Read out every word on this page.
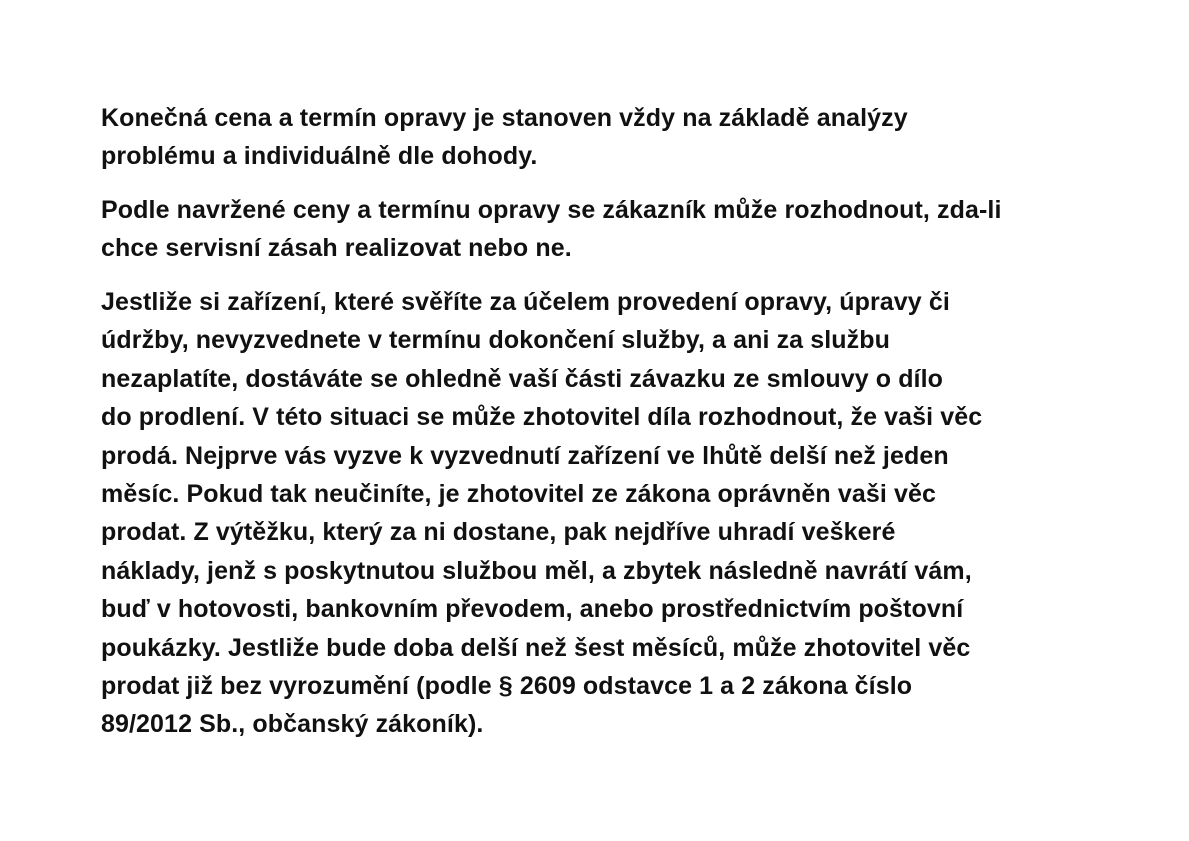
Konečná cena a termín opravy je stanoven vždy na základě analýzy
problému a individuálně dle dohody.

Podle navržené ceny a termínu opravy se zákazník může rozhodnout, zda-li
chce servisní zásah realizovat nebo ne.

Jestliže si zařízení, které svěříte za účelem provedení opravy, úpravy či
údržby, nevyzvednete v termínu dokončení služby, a ani za službu
nezaplatíte, dostáváte se ohledně vaší části závazku ze smlouvy o dílo
do prodlení. V této situaci se může zhotovitel díla rozhodnout, že vaši věc
prodá. Nejprve vás vyzve k vyzvednutí zařízení ve lhůtě delší než jeden
měsíc. Pokud tak neučiníte, je zhotovitel ze zákona oprávněn vaši věc
prodat. Z výtěžku, který za ni dostane, pak nejdříve uhradí veškeré
náklady, jenž s poskytnutou službou měl, a zbytek následně navrátí vám,
buď v hotovosti, bankovním převodem, anebo prostřednictvím poštovní
poukázky. Jestliže bude doba delší než šest měsíců, může zhotovitel věc
prodat již bez vyrozumění (podle § 2609 odstavce 1 a 2 zákona číslo
89/2012 Sb., občanský zákoník).
